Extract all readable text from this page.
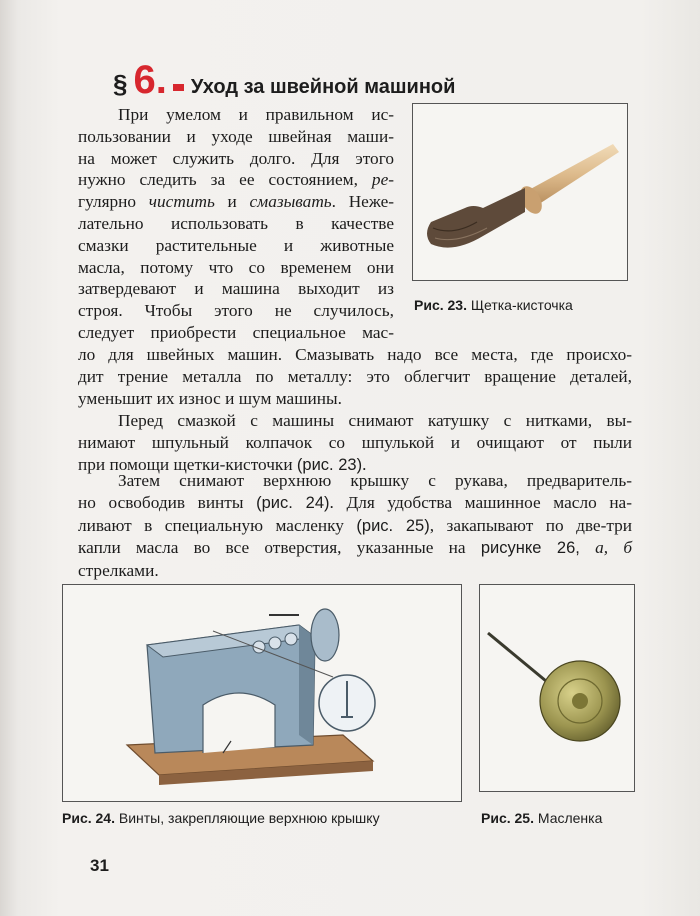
§ 6. Уход за швейной машиной
При умелом и правильном ис-
пользовании и уходе швейная маши-
на может служить долго. Для этого
нужно следить за ее состоянием, ре-
гулярно чистить и смазывать. Неже-
лательно использовать в качестве
смазки растительные и животные
масла, потому что со временем они
затвердевают и машина выходит из
строя. Чтобы этого не случилось,
следует приобрести специальное мас-
ло для швейных машин. Смазывать надо все места, где происхо-
дит трение металла по металлу: это облегчит вращение деталей,
уменьшит их износ и шум машины.
Перед смазкой с машины снимают катушку с нитками, вы-
нимают шпульный колпачок со шпулькой и очищают от пыли
при помощи щетки-кисточки (рис. 23).
Затем снимают верхнюю крышку с рукава, предваритель-
но освободив винты (рис. 24). Для удобства машинное масло на-
ливают в специальную масленку (рис. 25), закапывают по две-три
капли масла во все отверстия, указанные на рисунке 26, а, б
стрелками.
Рис. 23. Щетка-кисточка
Рис. 24. Винты, закрепляющие верхнюю крышку	Рис. 25. Масленка
31
